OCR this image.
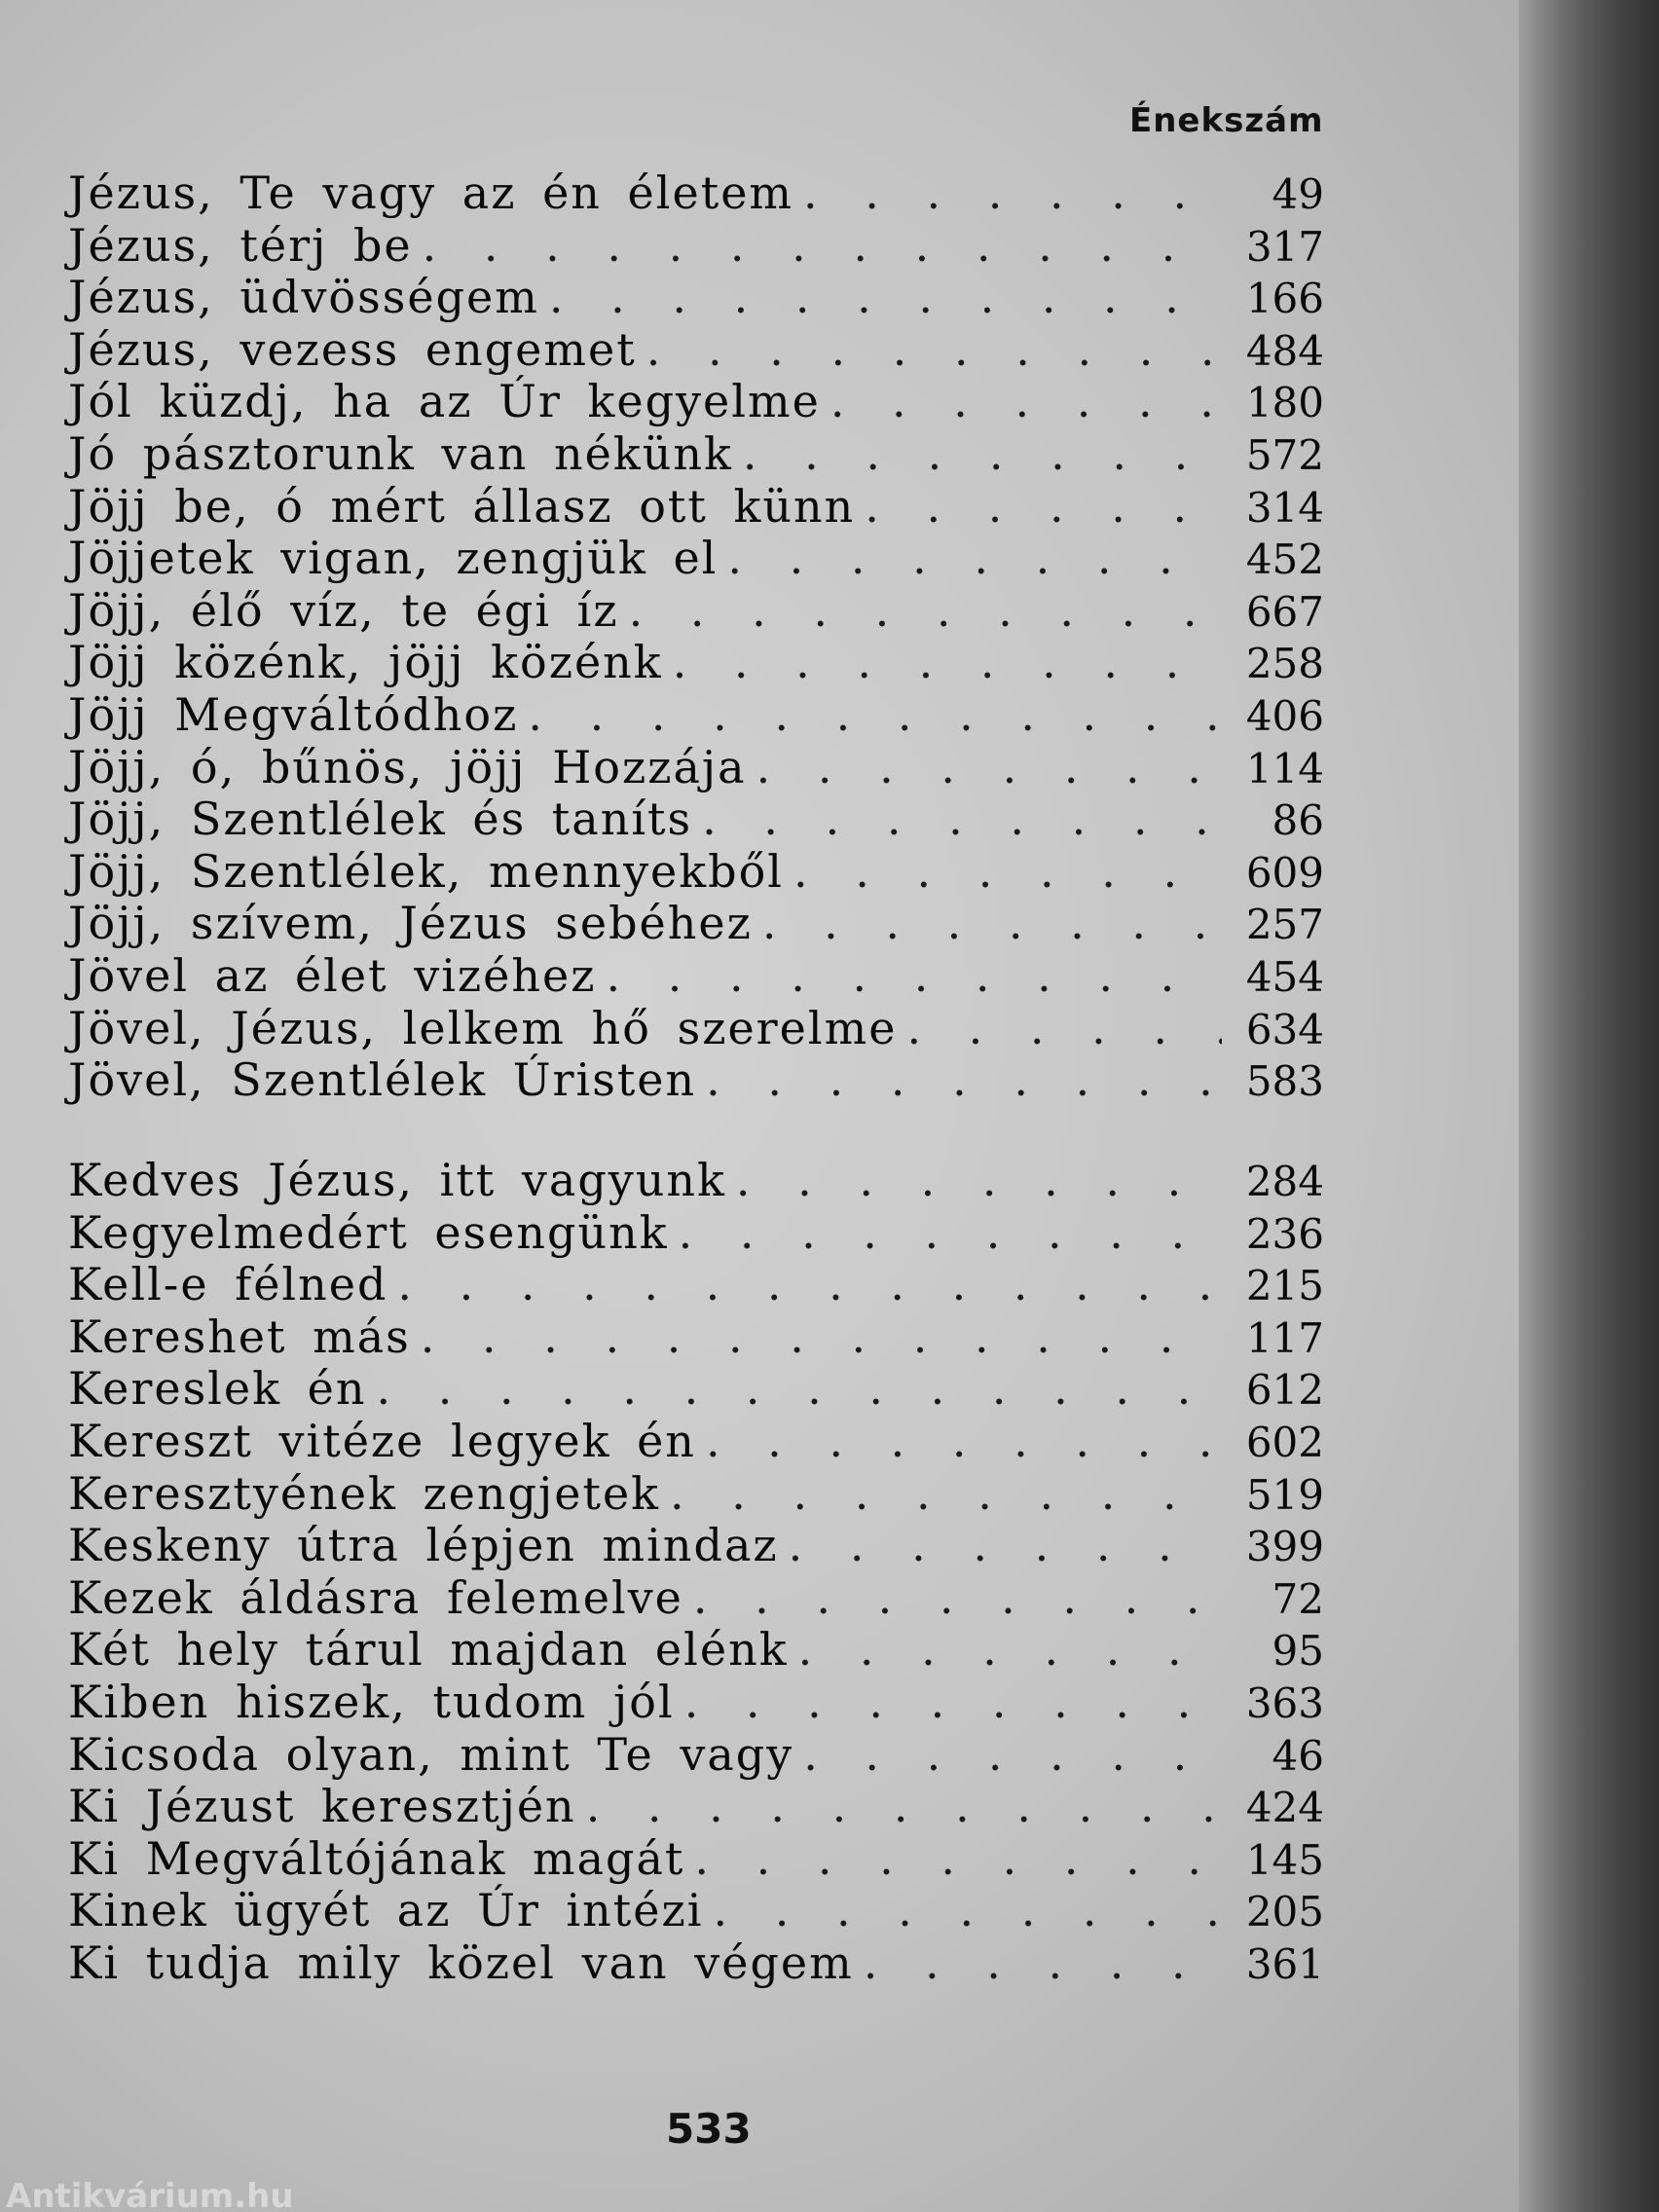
Énekszám
Jézus, Te vagy az én életem . . .	49
Jézus, térj be . . .	317
Jézus, üdvösségem . . .	166
Jézus, vezess engemet . . .	484
Jól küzdj, ha az Úr kegyelme . . .	180
Jó pásztorunk van nékünk . . .	572
Jöjj be, ó mért állasz ott künn . . .	314
Jöjjetek vigan, zengjük el . . .	452
Jöjj, élő víz, te égi íz . . .	667
Jöjj közénk, jöjj közénk . . .	258
Jöjj Megváltódhoz . . .	406
Jöjj, ó, bűnös, jöjj Hozzája . . .	114
Jöjj, Szentlélek és taníts . . .	86
Jöjj, Szentlélek, mennyekből . . .	609
Jöjj, szívem, Jézus sebéhez . . .	257
Jövel az élet vizéhez . . .	454
Jövel, Jézus, lelkem hő szerelme . . .	634
Jövel, Szentlélek Úristen . . .	583
Kedves Jézus, itt vagyunk . . .	284
Kegyelmedért esengünk . . .	236
Kell-e félned . . .	215
Kereshet más . . .	117
Kereslek én . . .	612
Kereszt vitéze legyek én . . .	602
Keresztyének zengjetek . . .	519
Keskeny útra lépjen mindaz . . .	399
Kezek áldásra felemelve . . .	72
Két hely tárul majdan elénk . . .	95
Kiben hiszek, tudom jól . . .	363
Kicsoda olyan, mint Te vagy . . .	46
Ki Jézust keresztjén . . .	424
Ki Megváltójának magát . . .	145
Kinek ügyét az Úr intézi . . .	205
Ki tudja mily közel van végem . . .	361
533
Antikvárium.hu
